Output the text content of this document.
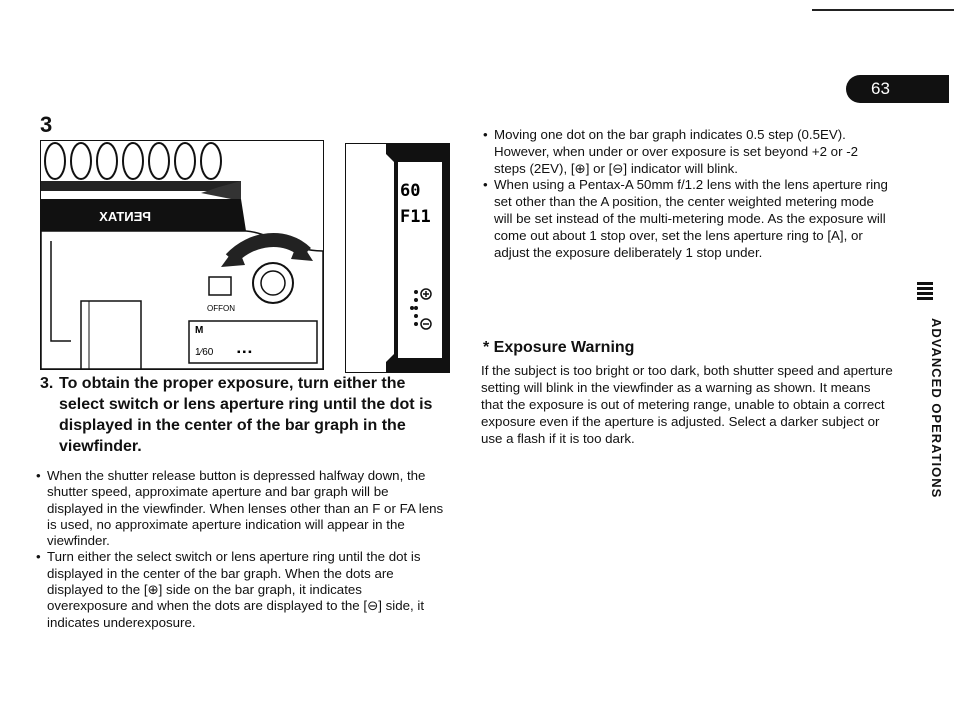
63
3
PENTAX
OFF ON
M
1⁄60 ▪ ▪ ▪
60
F11
3. To obtain the proper exposure, turn either the select switch or lens aperture ring until the dot is displayed in the center of the bar graph in the viewfinder.

• When the shutter release button is depressed halfway down, the shutter speed, approximate aperture and bar graph will be displayed in the viewfinder. When lenses other than an F or FA lens is used, no approximate aperture indication will appear in the viewfinder.

• Turn either the select switch or lens aperture ring until the dot is displayed in the center of the bar graph. When the dots are displayed to the [⊕] side on the bar graph, it indicates overexposure and when the dots are displayed to the [⊖] side, it indicates underexposure.

• Moving one dot on the bar graph indicates 0.5 step (0.5EV). However, when under or over exposure is set beyond +2 or -2 steps (2EV), [⊕] or [⊖] indicator will blink.

• When using a Pentax-A 50mm f/1.2 lens with the lens aperture ring set other than the A position, the center weighted metering mode will be set instead of the multi-metering mode. As the exposure will come out about 1 stop over, set the lens aperture ring to [A], or adjust the exposure deliberately 1 stop under.

* Exposure Warning
If the subject is too bright or too dark, both shutter speed and aperture setting will blink in the viewfinder as a warning as shown. It means that the exposure is out of metering range, unable to obtain a correct exposure even if the aperture is adjusted. Select a darker subject or use a flash if it is too dark.	ADVANCED OPERATIONS
